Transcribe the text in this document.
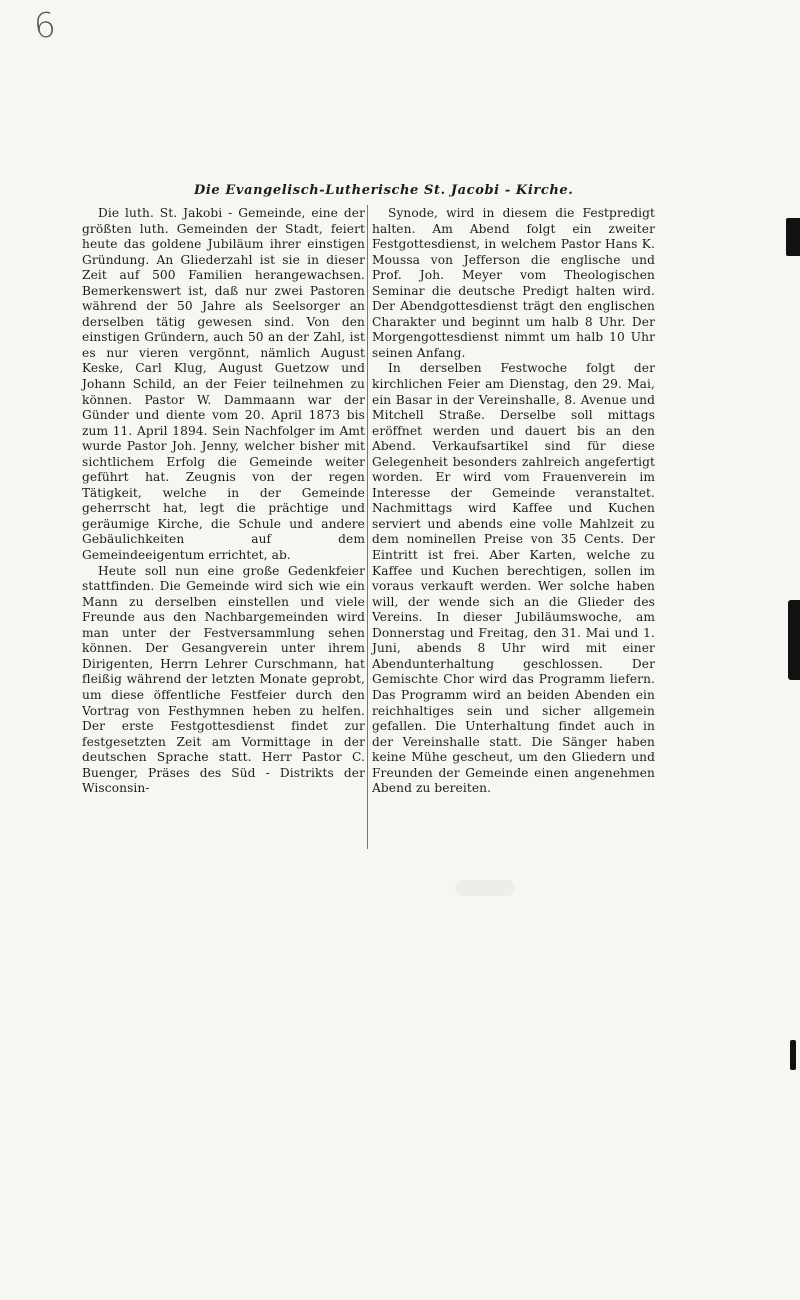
6
Die Evangelisch-Lutherische St. Jacobi - Kirche.

Die luth. St. Jakobi - Gemeinde, eine der größten luth. Gemeinden der Stadt, feiert heute das goldene Jubiläum ihrer einstigen Gründung. An Gliederzahl ist sie in dieser Zeit auf 500 Familien herangewachsen. Bemerkenswert ist, daß nur zwei Pastoren während der 50 Jahre als Seelsorger an derselben tätig gewesen sind. Von den einstigen Gründern, auch 50 an der Zahl, ist es nur vieren vergönnt, nämlich August Keske, Carl Klug, August Guetzow und Johann Schild, an der Feier teilnehmen zu können. Pastor W. Dammaann war der Günder und diente vom 20. April 1873 bis zum 11. April 1894. Sein Nachfolger im Amt wurde Pastor Joh. Jenny, welcher bisher mit sichtlichem Erfolg die Gemeinde weiter geführt hat. Zeugnis von der regen Tätigkeit, welche in der Gemeinde geherrscht hat, legt die prächtige und geräumige Kirche, die Schule und andere Gebäulichkeiten auf dem Gemeindeeigentum errichtet, ab.

Heute soll nun eine große Gedenkfeier stattfinden. Die Gemeinde wird sich wie ein Mann zu derselben einstellen und viele Freunde aus den Nachbargemeinden wird man unter der Festversammlung sehen können. Der Gesangverein unter ihrem Dirigenten, Herrn Lehrer Curschmann, hat fleißig während der letzten Monate geprobt, um diese öffentliche Festfeier durch den Vortrag von Festhymnen heben zu helfen. Der erste Festgottesdienst findet zur festgesetzten Zeit am Vormittage in der deutschen Sprache statt. Herr Pastor C. Buenger, Präses des Süd - Distrikts der Wisconsin-

Synode, wird in diesem die Festpredigt halten. Am Abend folgt ein zweiter Festgottesdienst, in welchem Pastor Hans K. Moussa von Jefferson die englische und Prof. Joh. Meyer vom Theologischen Seminar die deutsche Predigt halten wird. Der Abendgottesdienst trägt den englischen Charakter und beginnt um halb 8 Uhr. Der Morgengottesdienst nimmt um halb 10 Uhr seinen Anfang.

In derselben Festwoche folgt der kirchlichen Feier am Dienstag, den 29. Mai, ein Basar in der Vereinshalle, 8. Avenue und Mitchell Straße. Derselbe soll mittags eröffnet werden und dauert bis an den Abend. Verkaufsartikel sind für diese Gelegenheit besonders zahlreich angefertigt worden. Er wird vom Frauenverein im Interesse der Gemeinde veranstaltet. Nachmittags wird Kaffee und Kuchen serviert und abends eine volle Mahlzeit zu dem nominellen Preise von 35 Cents. Der Eintritt ist frei. Aber Karten, welche zu Kaffee und Kuchen berechtigen, sollen im voraus verkauft werden. Wer solche haben will, der wende sich an die Glieder des Vereins. In dieser Jubiläumswoche, am Donnerstag und Freitag, den 31. Mai und 1. Juni, abends 8 Uhr wird mit einer Abendunterhaltung geschlossen. Der Gemischte Chor wird das Programm liefern. Das Programm wird an beiden Abenden ein reichhaltiges sein und sicher allgemein gefallen. Die Unterhaltung findet auch in der Vereinshalle statt. Die Sänger haben keine Mühe gescheut, um den Gliedern und Freunden der Gemeinde einen angenehmen Abend zu bereiten.
